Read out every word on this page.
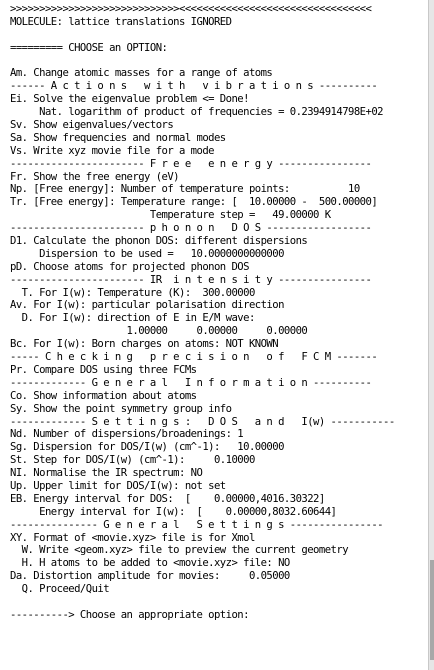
>>>>>>>>>>>>>>>>>>>>>>>>>>>>><<<<<<<<<<<<<<<<<<<<<<<<<<<<<<<<<
MOLECULE: lattice translations IGNORED
========= CHOOSE an OPTION:
Am. Change atomic masses for a range of atoms
------ A c t i o n s   w i t h   v i b r a t i o n s ----------
Ei. Solve the eigenvalue problem <= Done!
Nat. logarithm of product of frequencies = 0.2394914798E+02
Sv. Show eigenvalues/vectors
Sa. Show frequencies and normal modes
Vs. Write xyz movie file for a mode
----------------------- F r e e   e n e r g y ----------------
Fr. Show the free energy (eV)
Np. [Free energy]: Number of temperature points:          10
Tr. [Free energy]: Temperature range: [  10.00000 -  500.00000]
Temperature step =   49.00000 K
----------------------- p h o n o n   D O S ------------------
D1. Calculate the phonon DOS: different dispersions
Dispersion to be used =   10.0000000000000
pD. Choose atoms for projected phonon DOS
----------------------- IR  i n t e n s i t y ----------------
T. For I(w): Temperature (K):  300.00000
Av. For I(w): particular polarisation direction
D. For I(w): direction of E in E/M wave:
1.00000     0.00000     0.00000
Bc. For I(w): Born charges on atoms: NOT KNOWN
----- C h e c k i n g   p r e c i s i o n   o f   F C M -------
Pr. Compare DOS using three FCMs
------------- G e n e r a l   I n f o r m a t i o n ----------
Co. Show information about atoms
Sy. Show the point symmetry group info
------------- S e t t i n g s :   D O S   a n d   I(w) -----------
Nd. Number of dispersions/broadenings: 1
Sg. Dispersion for DOS/I(w) (cm^-1):   10.00000
St. Step for DOS/I(w) (cm^-1):     0.10000
NI. Normalise the IR spectrum: NO
Up. Upper limit for DOS/I(w): not set
EB. Energy interval for DOS:  [    0.00000,4016.30322]
Energy interval for I(w):  [    0.00000,8032.60644]
--------------- G e n e r a l   S e t t i n g s ----------------
XY. Format of <movie.xyz> file is for Xmol
W. Write <geom.xyz> file to preview the current geometry
H. H atoms to be added to <movie.xyz> file: NO
Da. Distortion amplitude for movies:     0.05000
Q. Proceed/Quit
----------> Choose an appropriate option:
